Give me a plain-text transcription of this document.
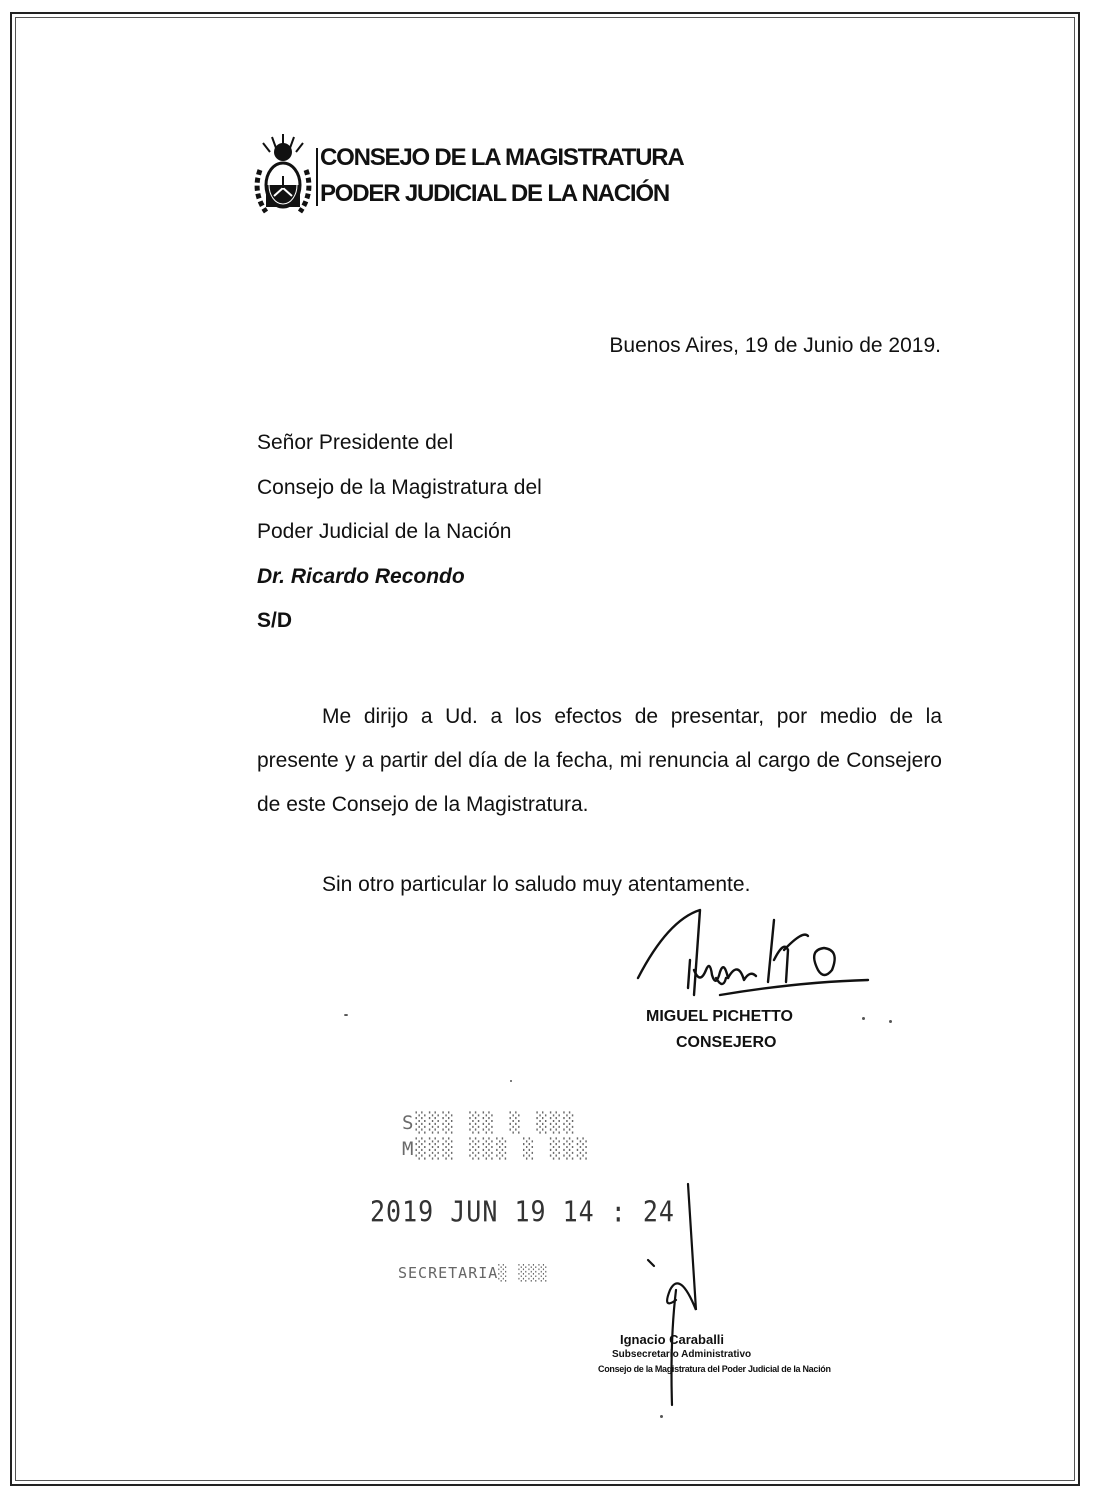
CONSEJO DE LA MAGISTRATURA
PODER JUDICIAL DE LA NACIÓN
Buenos Aires, 19 de Junio de 2019.
Señor Presidente del
Consejo de la Magistratura del
Poder Judicial de la Nación
Dr. Ricardo Recondo
S/D
Me dirijo a Ud. a los efectos de presentar, por medio de la presente y a partir del día de la fecha, mi renuncia al cargo de Consejero de este Consejo de la Magistratura.
Sin otro particular lo saludo muy atentamente.
MIGUEL PICHETTO
CONSEJERO
S░░░ ░░ ░ ░░░
M░░░ ░░░ ░ ░░░
2019 JUN 19 14 : 24
SECRETARIA░ ░░░
Ignacio Caraballi
Subsecretario Administrativo
Consejo de la Magistratura del Poder Judicial de la Nación
